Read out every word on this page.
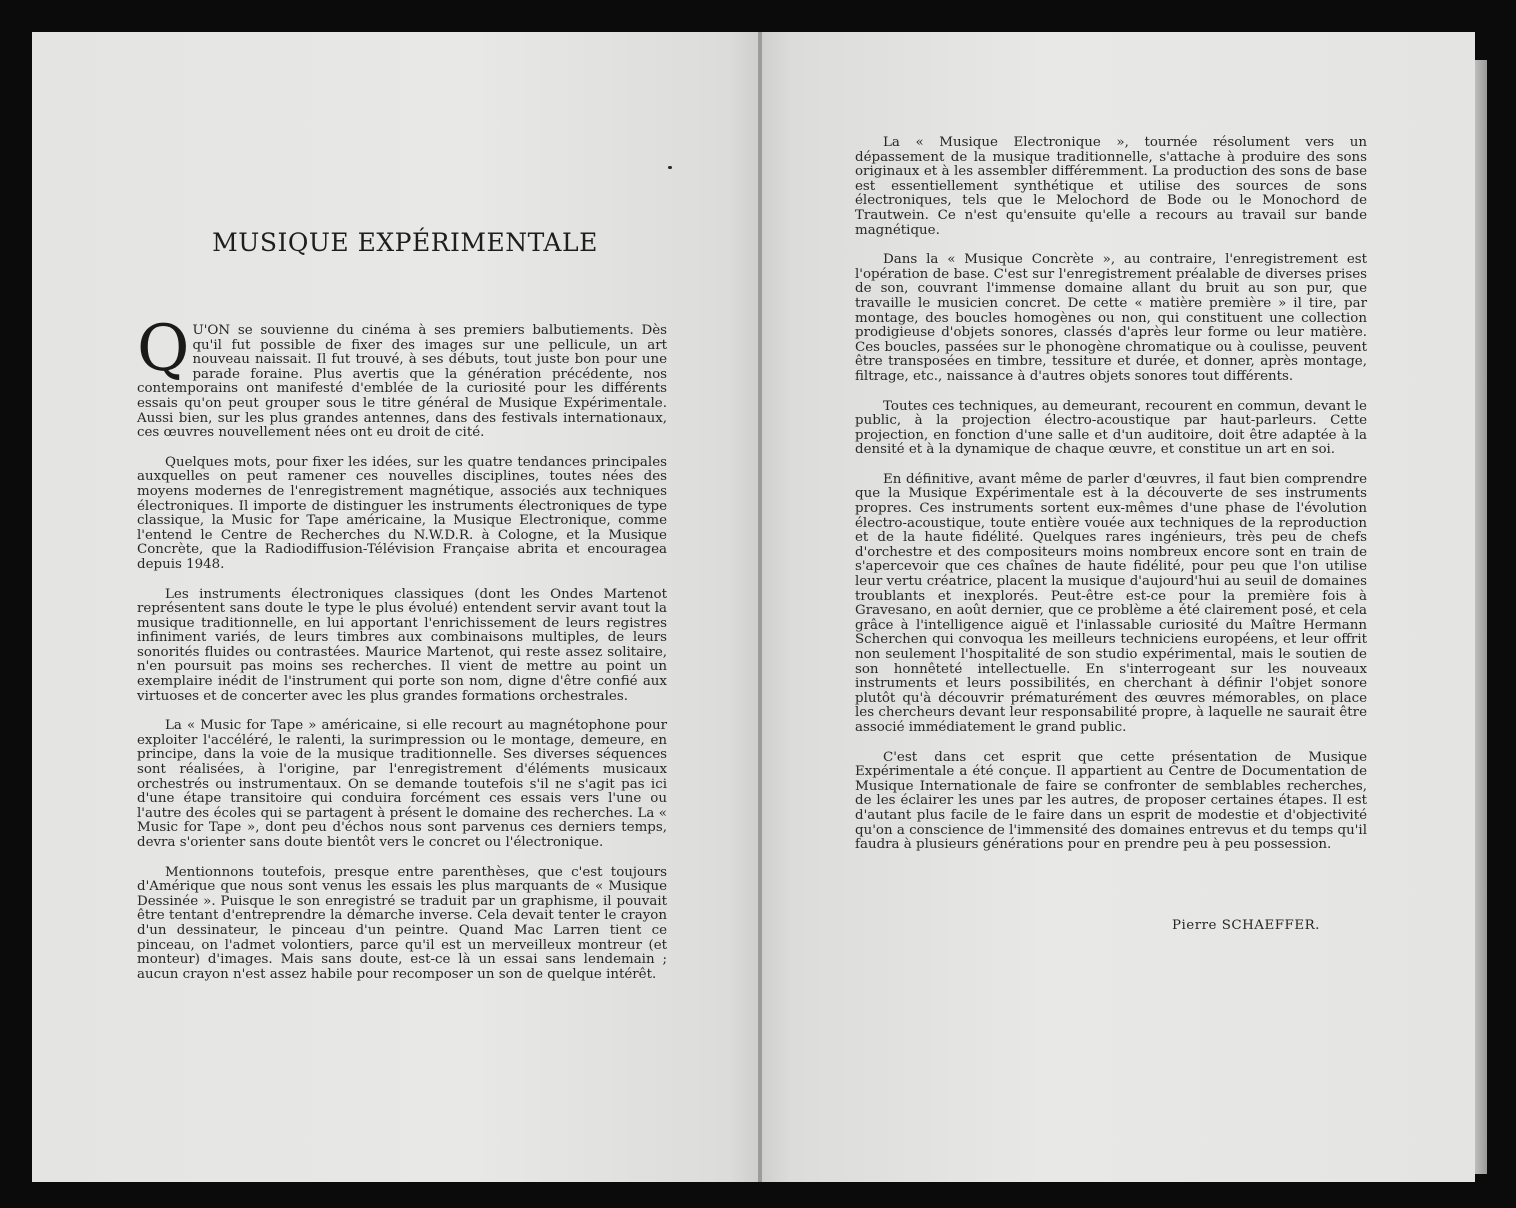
MUSIQUE EXPÉRIMENTALE

Q U'ON se souvienne du cinéma à ses premiers balbutiements. Dès qu'il fut possible de fixer des images sur une pellicule, un art nouveau naissait. Il fut trouvé, à ses débuts, tout juste bon pour une parade foraine. Plus avertis que la génération précédente, nos contemporains ont manifesté d'emblée de la curiosité pour les différents essais qu'on peut grouper sous le titre général de Musique Expérimentale. Aussi bien, sur les plus grandes antennes, dans des festivals internationaux, ces œuvres nouvellement nées ont eu droit de cité.

Quelques mots, pour fixer les idées, sur les quatre tendances principales auxquelles on peut ramener ces nouvelles disciplines, toutes nées des moyens modernes de l'enregistrement magnétique, associés aux techniques électroniques. Il importe de distinguer les instruments électroniques de type classique, la Music for Tape américaine, la Musique Electronique, comme l'entend le Centre de Recherches du N.W.D.R. à Cologne, et la Musique Concrète, que la Radiodiffusion-Télévision Française abrita et encouragea depuis 1948.

Les instruments électroniques classiques (dont les Ondes Martenot représentent sans doute le type le plus évolué) entendent servir avant tout la musique traditionnelle, en lui apportant l'enrichissement de leurs registres infiniment variés, de leurs timbres aux combinaisons multiples, de leurs sonorités fluides ou contrastées. Maurice Martenot, qui reste assez solitaire, n'en poursuit pas moins ses recherches. Il vient de mettre au point un exemplaire inédit de l'instrument qui porte son nom, digne d'être confié aux virtuoses et de concerter avec les plus grandes formations orchestrales.

La « Music for Tape » américaine, si elle recourt au magnétophone pour exploiter l'accéléré, le ralenti, la surimpression ou le montage, demeure, en principe, dans la voie de la musique traditionnelle. Ses diverses séquences sont réalisées, à l'origine, par l'enregistrement d'éléments musicaux orchestrés ou instrumentaux. On se demande toutefois s'il ne s'agit pas ici d'une étape transitoire qui conduira forcément ces essais vers l'une ou l'autre des écoles qui se partagent à présent le domaine des recherches. La « Music for Tape », dont peu d'échos nous sont parvenus ces derniers temps, devra s'orienter sans doute bientôt vers le concret ou l'électronique.

Mentionnons toutefois, presque entre parenthèses, que c'est toujours d'Amérique que nous sont venus les essais les plus marquants de « Musique Dessinée ». Puisque le son enregistré se traduit par un graphisme, il pouvait être tentant d'entreprendre la démarche inverse. Cela devait tenter le crayon d'un dessinateur, le pinceau d'un peintre. Quand Mac Larren tient ce pinceau, on l'admet volontiers, parce qu'il est un merveilleux montreur (et monteur) d'images. Mais sans doute, est-ce là un essai sans lendemain ; aucun crayon n'est assez habile pour recomposer un son de quelque intérêt.

La « Musique Electronique », tournée résolument vers un dépassement de la musique traditionnelle, s'attache à produire des sons originaux et à les assembler différemment. La production des sons de base est essentiellement synthétique et utilise des sources de sons électroniques, tels que le Melochord de Bode ou le Monochord de Trautwein. Ce n'est qu'ensuite qu'elle a recours au travail sur bande magnétique.

Dans la « Musique Concrète », au contraire, l'enregistrement est l'opération de base. C'est sur l'enregistrement préalable de diverses prises de son, couvrant l'immense domaine allant du bruit au son pur, que travaille le musicien concret. De cette « matière première » il tire, par montage, des boucles homogènes ou non, qui constituent une collection prodigieuse d'objets sonores, classés d'après leur forme ou leur matière. Ces boucles, passées sur le phonogène chromatique ou à coulisse, peuvent être transposées en timbre, tessiture et durée, et donner, après montage, filtrage, etc., naissance à d'autres objets sonores tout différents.

Toutes ces techniques, au demeurant, recourent en commun, devant le public, à la projection électro-acoustique par haut-parleurs. Cette projection, en fonction d'une salle et d'un auditoire, doit être adaptée à la densité et à la dynamique de chaque œuvre, et constitue un art en soi.

En définitive, avant même de parler d'œuvres, il faut bien comprendre que la Musique Expérimentale est à la découverte de ses instruments propres. Ces instruments sortent eux-mêmes d'une phase de l'évolution électro-acoustique, toute entière vouée aux techniques de la reproduction et de la haute fidélité. Quelques rares ingénieurs, très peu de chefs d'orchestre et des compositeurs moins nombreux encore sont en train de s'apercevoir que ces chaînes de haute fidélité, pour peu que l'on utilise leur vertu créatrice, placent la musique d'aujourd'hui au seuil de domaines troublants et inexplorés. Peut-être est-ce pour la première fois à Gravesano, en août dernier, que ce problème a été clairement posé, et cela grâce à l'intelligence aiguë et l'inlassable curiosité du Maître Hermann Scherchen qui convoqua les meilleurs techniciens européens, et leur offrit non seulement l'hospitalité de son studio expérimental, mais le soutien de son honnêteté intellectuelle. En s'interrogeant sur les nouveaux instruments et leurs possibilités, en cherchant à définir l'objet sonore plutôt qu'à découvrir prématurément des œuvres mémorables, on place les chercheurs devant leur responsabilité propre, à laquelle ne saurait être associé immédiatement le grand public.

C'est dans cet esprit que cette présentation de Musique Expérimentale a été conçue. Il appartient au Centre de Documentation de Musique Internationale de faire se confronter de semblables recherches, de les éclairer les unes par les autres, de proposer certaines étapes. Il est d'autant plus facile de le faire dans un esprit de modestie et d'objectivité qu'on a conscience de l'immensité des domaines entrevus et du temps qu'il faudra à plusieurs générations pour en prendre peu à peu possession.

Pierre SCHAEFFER.
